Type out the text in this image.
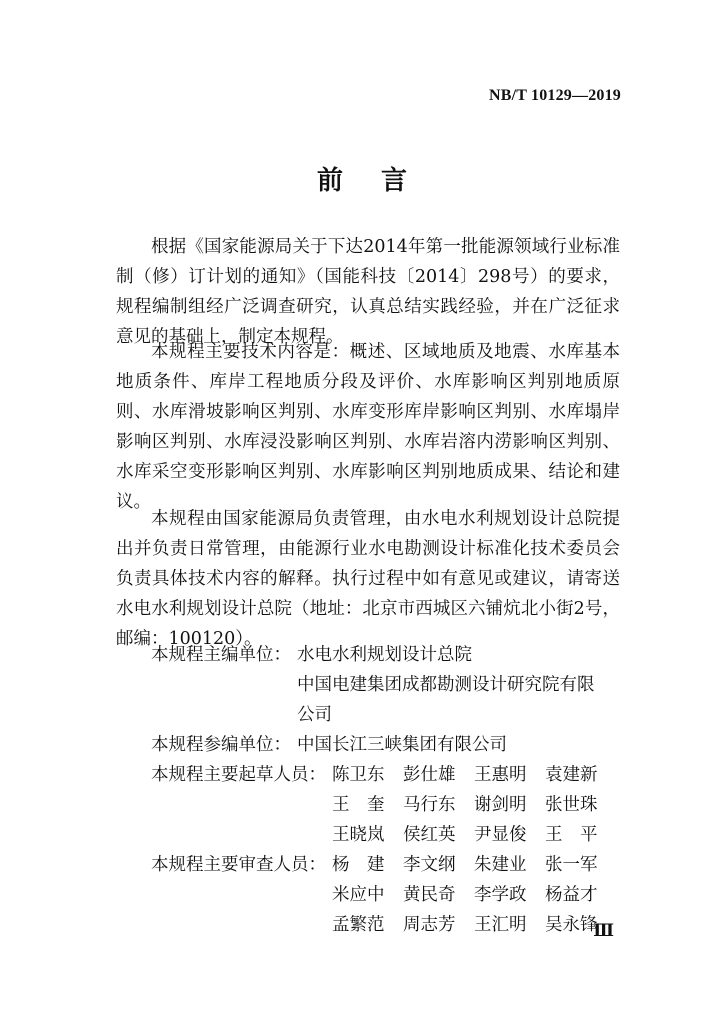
NB/T 10129—2019
前言

根据《国家能源局关于下达2014年第一批能源领域行业标准制（修）订计划的通知》（国能科技〔2014〕298号）的要求，规程编制组经广泛调查研究，认真总结实践经验，并在广泛征求意见的基础上，制定本规程。

本规程主要技术内容是：概述、区域地质及地震、水库基本地质条件、库岸工程地质分段及评价、水库影响区判别地质原则、水库滑坡影响区判别、水库变形库岸影响区判别、水库塌岸影响区判别、水库浸没影响区判别、水库岩溶内涝影响区判别、水库采空变形影响区判别、水库影响区判别地质成果、结论和建议。

本规程由国家能源局负责管理，由水电水利规划设计总院提出并负责日常管理，由能源行业水电勘测设计标准化技术委员会负责具体技术内容的解释。执行过程中如有意见或建议，请寄送水电水利规划设计总院（地址：北京市西城区六铺炕北小街2号，邮编：100120）。

本规程主编单位： 水电水利规划设计总院
中国电建集团成都勘测设计研究院有限
公司
本规程参编单位： 中国长江三峡集团有限公司
本规程主要起草人员： 陈卫东	彭仕雄	王惠明	袁建新
王　奎	马行东	谢剑明	张世珠
王晓岚	侯红英	尹显俊	王　平
本规程主要审查人员： 杨　建	李文纲	朱建业	张一军
米应中	黄民奇	李学政	杨益才
孟繁范	周志芳	王汇明	吴永锋
Ⅲ
